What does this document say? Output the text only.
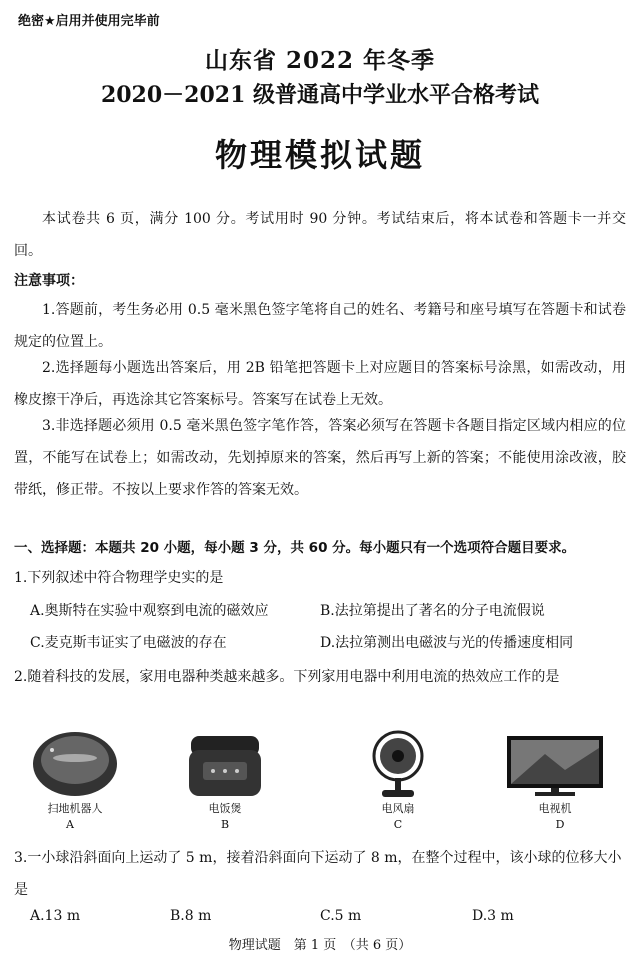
绝密★启用并使用完毕前
山东省 2022 年冬季
2020－2021 级普通高中学业水平合格考试
物理模拟试题
本试卷共 6 页，满分 100 分。考试用时 90 分钟。考试结束后，将本试卷和答题卡一并交回。
注意事项：
1.答题前，考生务必用 0.5 毫米黑色签字笔将自己的姓名、考籍号和座号填写在答题卡和试卷规定的位置上。
2.选择题每小题选出答案后，用 2B 铅笔把答题卡上对应题目的答案标号涂黑，如需改动，用橡皮擦干净后，再选涂其它答案标号。答案写在试卷上无效。
3.非选择题必须用 0.5 毫米黑色签字笔作答，答案必须写在答题卡各题目指定区域内相应的位置，不能写在试卷上；如需改动，先划掉原来的答案，然后再写上新的答案；不能使用涂改液，胶带纸，修正带。不按以上要求作答的答案无效。
一、选择题：本题共 20 小题，每小题 3 分，共 60 分。每小题只有一个选项符合题目要求。
1.下列叙述中符合物理学史实的是
A.奥斯特在实验中观察到电流的磁效应	B.法拉第提出了著名的分子电流假说
C.麦克斯韦证实了电磁波的存在	D.法拉第测出电磁波与光的传播速度相同
2.随着科技的发展，家用电器种类越来越多。下列家用电器中利用电流的热效应工作的是
扫地机器人	电饭煲	电风扇	电视机
A	B	C	D
3.一小球沿斜面向上运动了 5 m，接着沿斜面向下运动了 8 m，在整个过程中，该小球的位移大小是
A.13 m	B.8 m	C.5 m	D.3 m
物理试题　第 1 页　（共 6 页）
